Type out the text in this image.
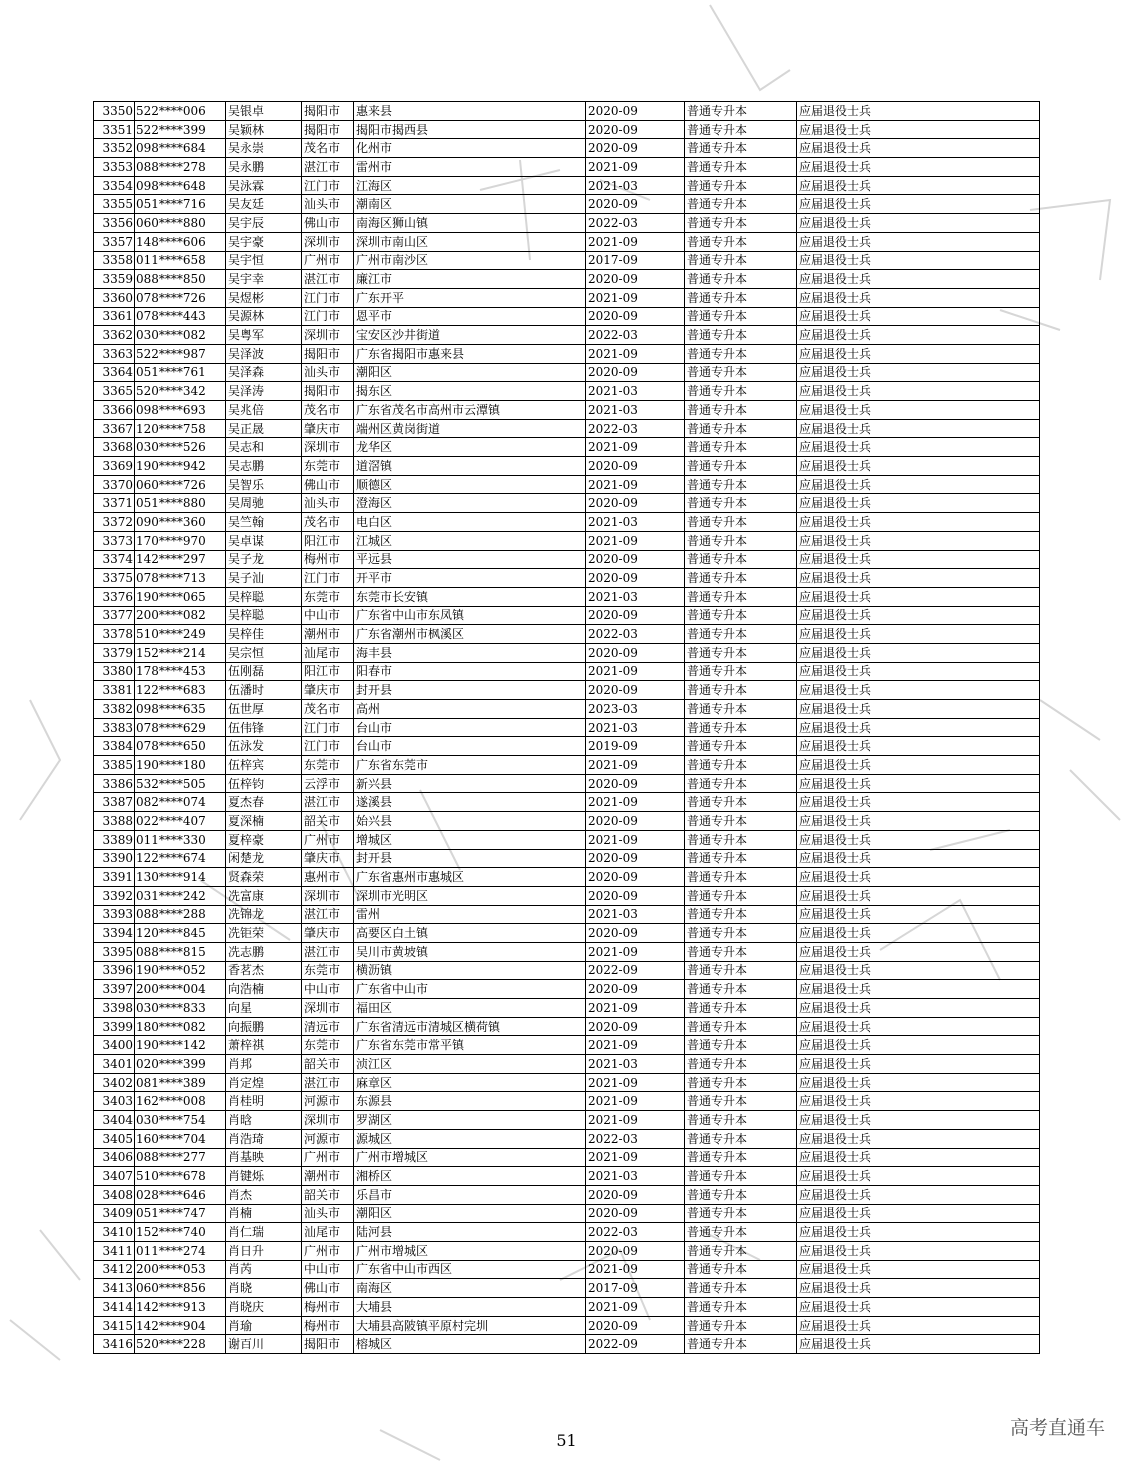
3350	522****006	吴银卓	揭阳市	惠来县	2020-09	普通专升本	应届退役士兵
3351	522****399	吴颖林	揭阳市	揭阳市揭西县	2020-09	普通专升本	应届退役士兵
3352	098****684	吴永崇	茂名市	化州市	2020-09	普通专升本	应届退役士兵
3353	088****278	吴永鹏	湛江市	雷州市	2021-09	普通专升本	应届退役士兵
3354	098****648	吴泳霖	江门市	江海区	2021-03	普通专升本	应届退役士兵
3355	051****716	吴友廷	汕头市	潮南区	2020-09	普通专升本	应届退役士兵
3356	060****880	吴宇辰	佛山市	南海区狮山镇	2022-03	普通专升本	应届退役士兵
3357	148****606	吴宇豪	深圳市	深圳市南山区	2021-09	普通专升本	应届退役士兵
3358	011****658	吴宇恒	广州市	广州市南沙区	2017-09	普通专升本	应届退役士兵
3359	088****850	吴宇幸	湛江市	廉江市	2020-09	普通专升本	应届退役士兵
3360	078****726	吴煜彬	江门市	广东开平	2021-09	普通专升本	应届退役士兵
3361	078****443	吴源林	江门市	恩平市	2020-09	普通专升本	应届退役士兵
3362	030****082	吴粤军	深圳市	宝安区沙井街道	2022-03	普通专升本	应届退役士兵
3363	522****987	吴泽波	揭阳市	广东省揭阳市惠来县	2021-09	普通专升本	应届退役士兵
3364	051****761	吴泽森	汕头市	潮阳区	2020-09	普通专升本	应届退役士兵
3365	520****342	吴泽涛	揭阳市	揭东区	2021-03	普通专升本	应届退役士兵
3366	098****693	吴兆倍	茂名市	广东省茂名市高州市云潭镇	2021-03	普通专升本	应届退役士兵
3367	120****758	吴正晟	肇庆市	端州区黄岗街道	2022-03	普通专升本	应届退役士兵
3368	030****526	吴志和	深圳市	龙华区	2021-09	普通专升本	应届退役士兵
3369	190****942	吴志鹏	东莞市	道滘镇	2020-09	普通专升本	应届退役士兵
3370	060****726	吴智乐	佛山市	顺德区	2021-09	普通专升本	应届退役士兵
3371	051****880	吴周驰	汕头市	澄海区	2020-09	普通专升本	应届退役士兵
3372	090****360	吴竺翰	茂名市	电白区	2021-03	普通专升本	应届退役士兵
3373	170****970	吴卓谋	阳江市	江城区	2021-09	普通专升本	应届退役士兵
3374	142****297	吴子龙	梅州市	平远县	2020-09	普通专升本	应届退役士兵
3375	078****713	吴子汕	江门市	开平市	2020-09	普通专升本	应届退役士兵
3376	190****065	吴梓聪	东莞市	东莞市长安镇	2021-03	普通专升本	应届退役士兵
3377	200****082	吴梓聪	中山市	广东省中山市东凤镇	2020-09	普通专升本	应届退役士兵
3378	510****249	吴梓佳	潮州市	广东省潮州市枫溪区	2022-03	普通专升本	应届退役士兵
3379	152****214	吴宗恒	汕尾市	海丰县	2020-09	普通专升本	应届退役士兵
3380	178****453	伍刚磊	阳江市	阳春市	2021-09	普通专升本	应届退役士兵
3381	122****683	伍潘时	肇庆市	封开县	2020-09	普通专升本	应届退役士兵
3382	098****635	伍世厚	茂名市	高州	2023-03	普通专升本	应届退役士兵
3383	078****629	伍伟锋	江门市	台山市	2021-03	普通专升本	应届退役士兵
3384	078****650	伍泳发	江门市	台山市	2019-09	普通专升本	应届退役士兵
3385	190****180	伍梓宾	东莞市	广东省东莞市	2021-09	普通专升本	应届退役士兵
3386	532****505	伍梓钧	云浮市	新兴县	2020-09	普通专升本	应届退役士兵
3387	082****074	夏杰春	湛江市	遂溪县	2021-09	普通专升本	应届退役士兵
3388	022****407	夏深楠	韶关市	始兴县	2020-09	普通专升本	应届退役士兵
3389	011****330	夏梓豪	广州市	增城区	2021-09	普通专升本	应届退役士兵
3390	122****674	闲楚龙	肇庆市	封开县	2020-09	普通专升本	应届退役士兵
3391	130****914	贤森荣	惠州市	广东省惠州市惠城区	2020-09	普通专升本	应届退役士兵
3392	031****242	冼富康	深圳市	深圳市光明区	2020-09	普通专升本	应届退役士兵
3393	088****288	冼锦龙	湛江市	雷州	2021-03	普通专升本	应届退役士兵
3394	120****845	冼钜荣	肇庆市	高要区白土镇	2020-09	普通专升本	应届退役士兵
3395	088****815	冼志鹏	湛江市	吴川市黄坡镇	2021-09	普通专升本	应届退役士兵
3396	190****052	香茗杰	东莞市	横沥镇	2022-09	普通专升本	应届退役士兵
3397	200****004	向浩楠	中山市	广东省中山市	2020-09	普通专升本	应届退役士兵
3398	030****833	向星	深圳市	福田区	2021-09	普通专升本	应届退役士兵
3399	180****082	向振鹏	清远市	广东省清远市清城区横荷镇	2020-09	普通专升本	应届退役士兵
3400	190****142	萧梓祺	东莞市	广东省东莞市常平镇	2021-09	普通专升本	应届退役士兵
3401	020****399	肖邦	韶关市	浈江区	2021-03	普通专升本	应届退役士兵
3402	081****389	肖定煌	湛江市	麻章区	2021-09	普通专升本	应届退役士兵
3403	162****008	肖桂明	河源市	东源县	2021-09	普通专升本	应届退役士兵
3404	030****754	肖晗	深圳市	罗湖区	2021-09	普通专升本	应届退役士兵
3405	160****704	肖浩琦	河源市	源城区	2022-03	普通专升本	应届退役士兵
3406	088****277	肖基映	广州市	广州市增城区	2021-09	普通专升本	应届退役士兵
3407	510****678	肖键烁	潮州市	湘桥区	2021-03	普通专升本	应届退役士兵
3408	028****646	肖杰	韶关市	乐昌市	2020-09	普通专升本	应届退役士兵
3409	051****747	肖楠	汕头市	潮阳区	2020-09	普通专升本	应届退役士兵
3410	152****740	肖仁瑞	汕尾市	陆河县	2022-03	普通专升本	应届退役士兵
3411	011****274	肖日升	广州市	广州市增城区	2020-09	普通专升本	应届退役士兵
3412	200****053	肖芮	中山市	广东省中山市西区	2021-09	普通专升本	应届退役士兵
3413	060****856	肖晓	佛山市	南海区	2017-09	普通专升本	应届退役士兵
3414	142****913	肖晓庆	梅州市	大埔县	2021-09	普通专升本	应届退役士兵
3415	142****904	肖瑜	梅州市	大埔县高陂镇平原村完圳	2020-09	普通专升本	应届退役士兵
3416	520****228	谢百川	揭阳市	榕城区	2022-09	普通专升本	应届退役士兵
51
高考直通车
